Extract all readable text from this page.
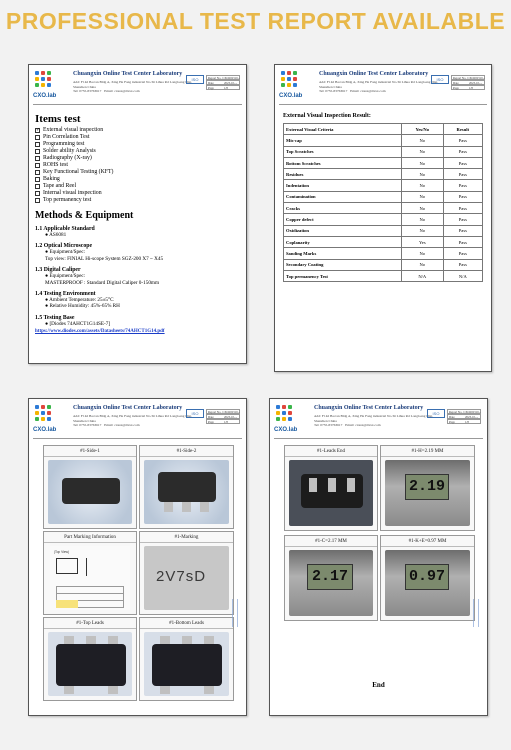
PROFESSIONAL TEST REPORT AVAILABLE
CXO.lab
Chuangxin Online Test Center Laboratory
Add: Fl 4# Bao'an Bldg A, Xing He Fang industrial No.3# Lihua Rd LongGang Dist. Shenzhen China
Tel: 0755-83763617 Email: cxtest@dxxx.com
ISO	Report No. CXO202310...
Date	2023-10-...
Page	1/8
Items test
✓ External visual inspection
Pin Correlation Test
Programming test
Solder ability Analysis
Radiography (X-ray)
ROHS test
Key Functional Testing (KFT)
Baking
Tape and Reel
Internal visual inspection
Top permanency test
Methods & Equipment
1.1 Applicable Standard
● AS6081
1.2 Optical Microscope
● Equipment/Spec:
Top view: FINIAL Hi-scope System SGZ-200 X7 ~ X45
1.3 Digital Caliper
● Equipment/Spec:
MASTERPROOF : Standard Digital Caliper 0-150mm
1.4 Testing Environment
● Ambient Temperature: 25±5°C
● Relative Humidity: 45%-65% RH
1.5 Testing Base
● [Diodes 74AHCT1G14SE-7]
https://www.diodes.com/assets/Datasheets/74AHCT1G14.pdf
CXO.lab
Chuangxin Online Test Center Laboratory
Add: Fl 4# Bao'an Bldg A, Xing He Fang industrial No.3# Lihua Rd LongGang Dist. Shenzhen China
Tel: 0755-83763617 Email: cxtest@dxxx.com
ISO	Report No. CXO202310...
Date	2023-10-...
Page	1/8
External Visual Inspection Result:
External Visual Criteria	Yes/No	Result
Mis-cap	No	Pass
Top Scratches	No	Pass
Bottom Scratches	No	Pass
Residues	No	Pass
Indentation	No	Pass
Contamination	No	Pass
Cracks	No	Pass
Copper defect	No	Pass
Oxidization	No	Pass
Coplanarity	Yes	Pass
Sanding Marks	No	Pass
Secondary Coating	No	Pass
Top permanency Test	N/A	N/A
CXO.lab
Chuangxin Online Test Center Laboratory
Add: Fl 4# Bao'an Bldg A, Xing He Fang industrial No.3# Lihua Rd LongGang Dist. Shenzhen China
Tel: 0755-83763617 Email: cxtest@dxxx.com
ISO	Report No. CXO202310...
Date	2023-10-...
Page	1/8
#1-Side-1	#1-Side-2
Part Marking Information
(Top View)
#1-Marking
2V7sD
#1-Top Leads	#1-Bottom Leads
CXO.lab
Chuangxin Online Test Center Laboratory
Add: Fl 4# Bao'an Bldg A, Xing He Fang industrial No.3# Lihua Rd LongGang Dist. Shenzhen China
Tel: 0755-83763617 Email: cxtest@dxxx.com
ISO	Report No. CXO202310...
Date	2023-10-...
Page	1/8
#1-Leads End	#1-H=2.19 MM
2.19
#1-C=2.17 MM
2.17
#1-K+E=0.97 MM
0.97
End
